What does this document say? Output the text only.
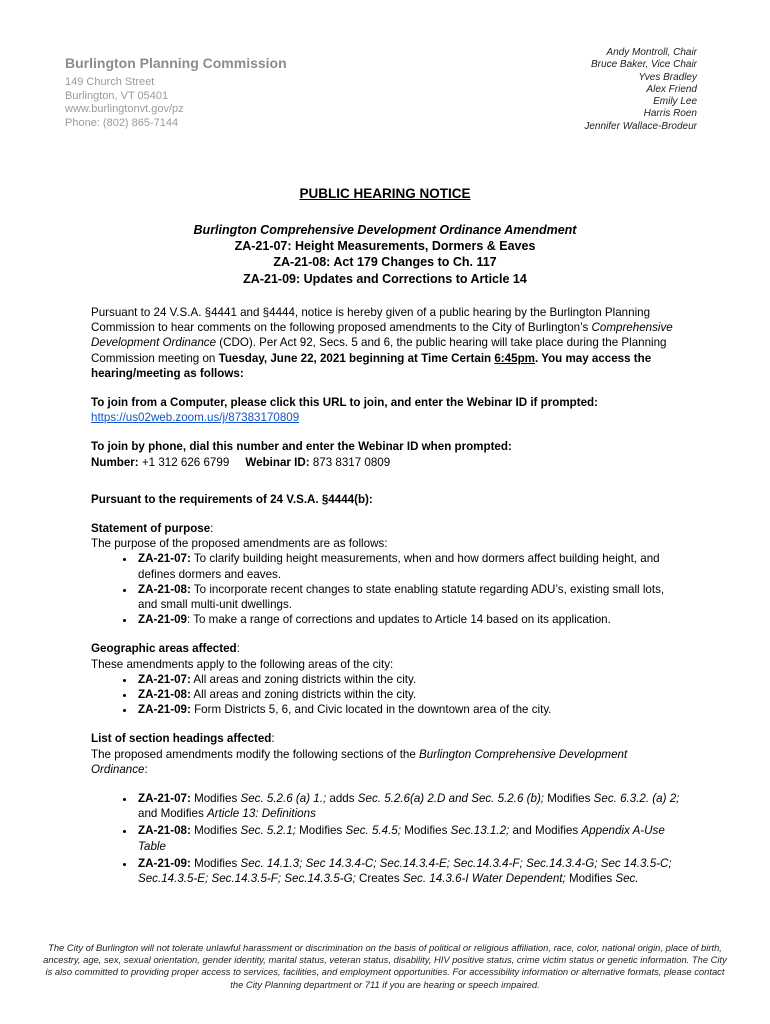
Burlington Planning Commission
149 Church Street
Burlington, VT 05401
www.burlingtonvt.gov/pz
Phone: (802) 865-7144
Andy Montroll, Chair
Bruce Baker, Vice Chair
Yves Bradley
Alex Friend
Emily Lee
Harris Roen
Jennifer Wallace-Brodeur
PUBLIC HEARING NOTICE
Burlington Comprehensive Development Ordinance Amendment
ZA-21-07: Height Measurements, Dormers & Eaves
ZA-21-08: Act 179 Changes to Ch. 117
ZA-21-09: Updates and Corrections to Article 14

Pursuant to 24 V.S.A. §4441 and §4444, notice is hereby given of a public hearing by the Burlington Planning Commission to hear comments on the following proposed amendments to the City of Burlington’s Comprehensive Development Ordinance (CDO). Per Act 92, Secs. 5 and 6, the public hearing will take place during the Planning Commission meeting on Tuesday, June 22, 2021 beginning at Time Certain 6:45pm. You may access the hearing/meeting as follows:

To join from a Computer, please click this URL to join, and enter the Webinar ID if prompted:

https://us02web.zoom.us/j/87383170809

To join by phone, dial this number and enter the Webinar ID when prompted:

Number: +1 312 626 6799 Webinar ID: 873 8317 0809

Pursuant to the requirements of 24 V.S.A. §4444(b):

Statement of purpose:

The purpose of the proposed amendments are as follows:

• ZA-21-07: To clarify building height measurements, when and how dormers affect building height, and defines dormers and eaves.
• ZA-21-08: To incorporate recent changes to state enabling statute regarding ADU’s, existing small lots, and small multi-unit dwellings.
• ZA-21-09: To make a range of corrections and updates to Article 14 based on its application.

Geographic areas affected:

These amendments apply to the following areas of the city:

• ZA-21-07: All areas and zoning districts within the city.
• ZA-21-08: All areas and zoning districts within the city.
• ZA-21-09: Form Districts 5, 6, and Civic located in the downtown area of the city.

List of section headings affected:

The proposed amendments modify the following sections of the Burlington Comprehensive Development Ordinance:

• ZA-21-07: Modifies Sec. 5.2.6 (a) 1.; adds Sec. 5.2.6(a) 2.D and Sec. 5.2.6 (b); Modifies Sec. 6.3.2. (a) 2; and Modifies Article 13: Definitions
• ZA-21-08: Modifies Sec. 5.2.1; Modifies Sec. 5.4.5; Modifies Sec.13.1.2; and Modifies Appendix A-Use Table
• ZA-21-09: Modifies Sec. 14.1.3; Sec 14.3.4-C; Sec.14.3.4-E; Sec.14.3.4-F; Sec.14.3.4-G; Sec 14.3.5-C; Sec.14.3.5-E; Sec.14.3.5-F; Sec.14.3.5-G; Creates Sec. 14.3.6-I Water Dependent; Modifies Sec.
The City of Burlington will not tolerate unlawful harassment or discrimination on the basis of political or religious affiliation, race, color, national origin, place of birth, ancestry, age, sex, sexual orientation, gender identity, marital status, veteran status, disability, HIV positive status, crime victim status or genetic information. The City is also committed to providing proper access to services, facilities, and employment opportunities. For accessibility information or alternative formats, please contact the City Planning department or 711 if you are hearing or speech impaired.
